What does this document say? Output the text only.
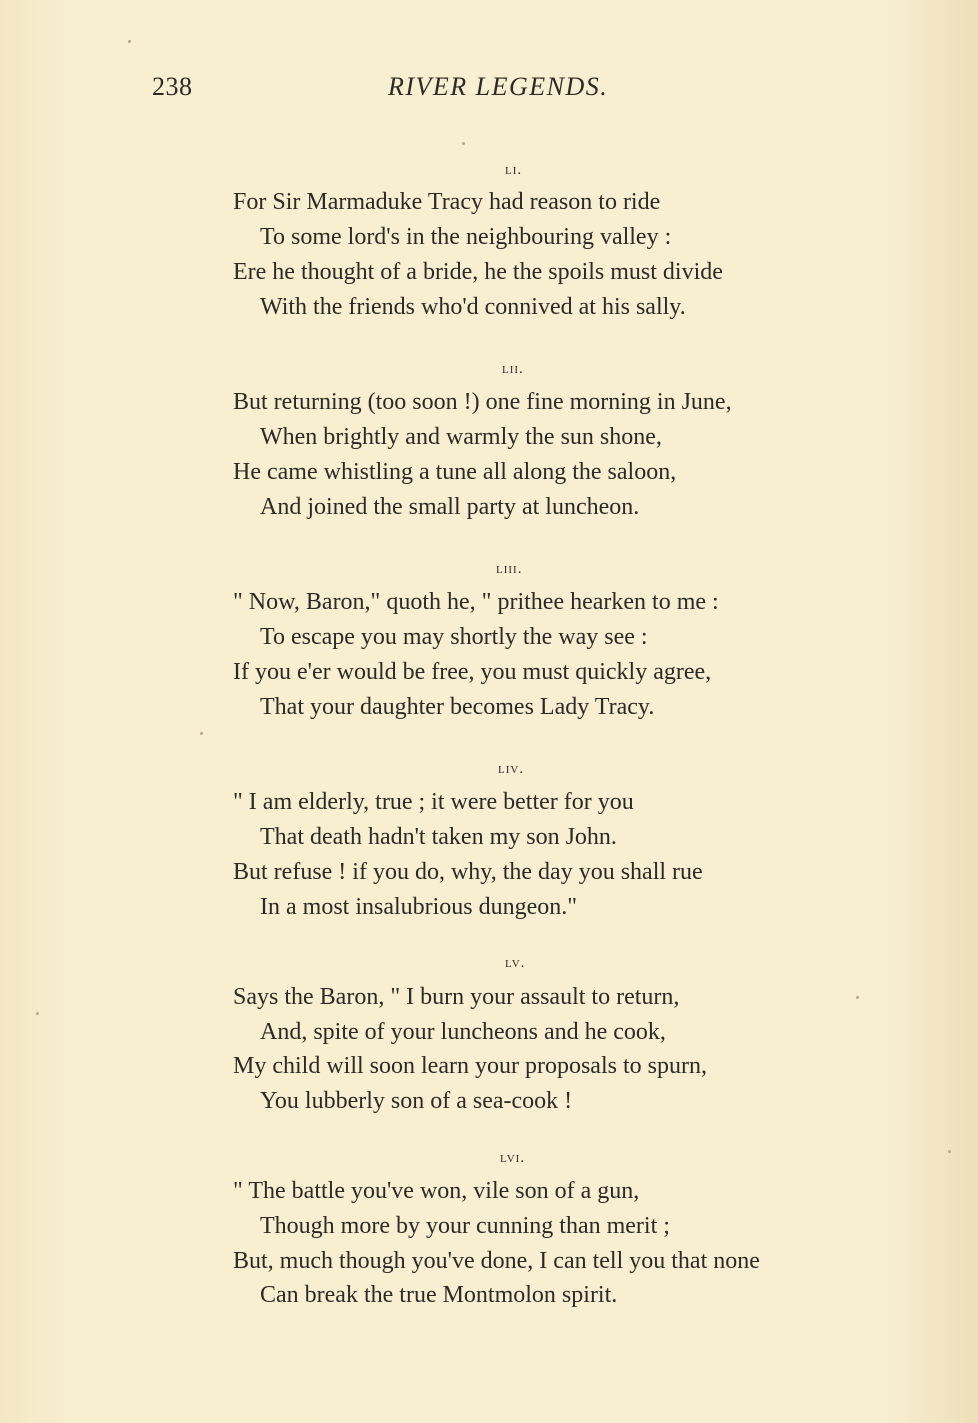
238	RIVER LEGENDS.
li.
For Sir Marmaduke Tracy had reason to ride
To some lord's in the neighbouring valley :
Ere he thought of a bride, he the spoils must divide
With the friends who'd connived at his sally.
lii.
But returning (too soon !) one fine morning in June,
When brightly and warmly the sun shone,
He came whistling a tune all along the saloon,
And joined the small party at luncheon.
liii.
" Now, Baron," quoth he, " prithee hearken to me :
To escape you may shortly the way see :
If you e'er would be free, you must quickly agree,
That your daughter becomes Lady Tracy.
liv.
" I am elderly, true ; it were better for you
That death hadn't taken my son John.
But refuse ! if you do, why, the day you shall rue
In a most insalubrious dungeon."
lv.
Says the Baron, " I burn your assault to return,
And, spite of your luncheons and he cook,
My child will soon learn your proposals to spurn,
You lubberly son of a sea-cook !
lvi.
" The battle you've won, vile son of a gun,
Though more by your cunning than merit ;
But, much though you've done, I can tell you that none
Can break the true Montmolon spirit.
